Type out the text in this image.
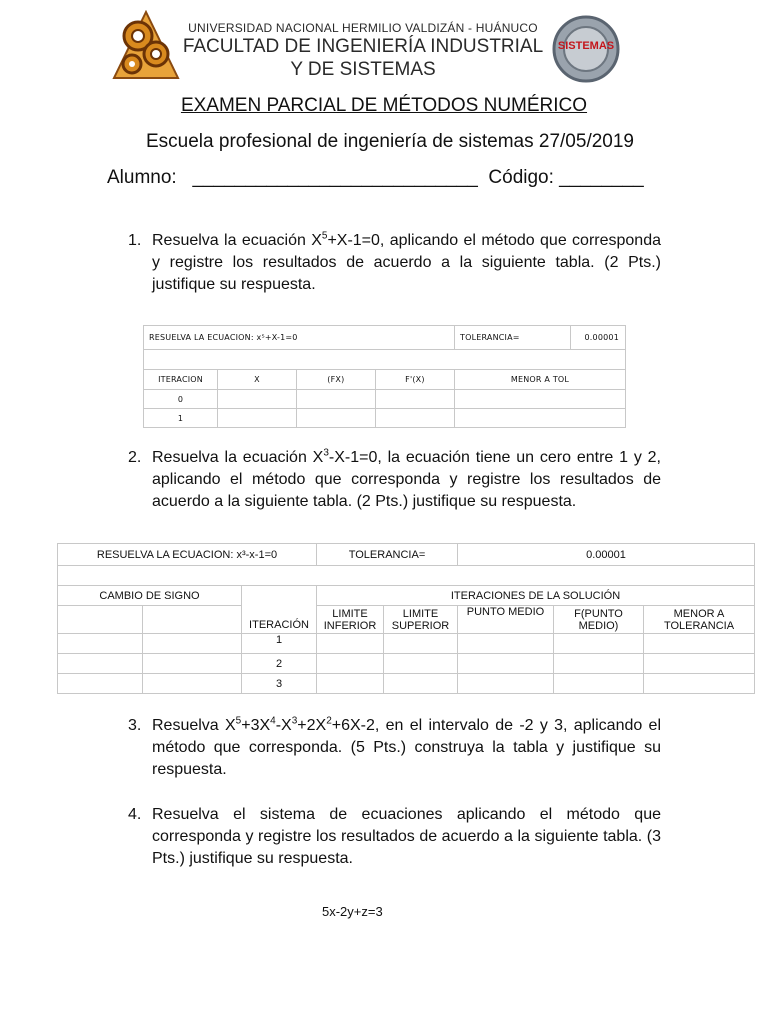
UNIVERSIDAD NACIONAL HERMILIO VALDIZÁN - HUÁNUCO
FACULTAD DE INGENIERÍA INDUSTRIAL
Y DE SISTEMAS
SISTEMAS
EXAMEN PARCIAL DE MÉTODOS NUMÉRICO
Escuela profesional de ingeniería de sistemas 27/05/2019
Alumno:   ___________________________  Código: ________
1. Resuelva la ecuación $X^5+X-1=0$, aplicando el método que corresponda y registre los resultados de acuerdo a la siguiente tabla. (2 Pts.) justifique su respuesta.
RESUELVA LA ECUACION: x⁵+X-1=0				TOLERANCIA=	0.00001

ITERACION	X	(FX)	F'(X)	MENOR A TOL	
0					
1					
2. Resuelva la ecuación $X^3-X-1=0$, la ecuación tiene un cero entre 1 y 2, aplicando el método que corresponda y registre los resultados de acuerdo a la siguiente tabla. (2 Pts.) justifique su respuesta.
RESUELVA LA ECUACION: x³-x-1=0			TOLERANCIA=		0.00001		

CAMBIO DE SIGNO		ITERACIÓN	ITERACIONES DE LA SOLUCIÓN				
			LIMITE INFERIOR	LIMITE SUPERIOR	PUNTO MEDIO	F(PUNTO MEDIO)	MENOR A TOLERANCIA
		1					
		2					
		3					
3. Resuelva $X^5+3X^4-X^3+2X^2+6X-2$, en el intervalo de -2 y 3, aplicando el método que corresponda. (5 Pts.) construya la tabla y justifique su respuesta.
4. Resuelva el sistema de ecuaciones aplicando el método que corresponda y registre los resultados de acuerdo a la siguiente tabla. (3 Pts.) justifique su respuesta.
5x-2y+z=3
